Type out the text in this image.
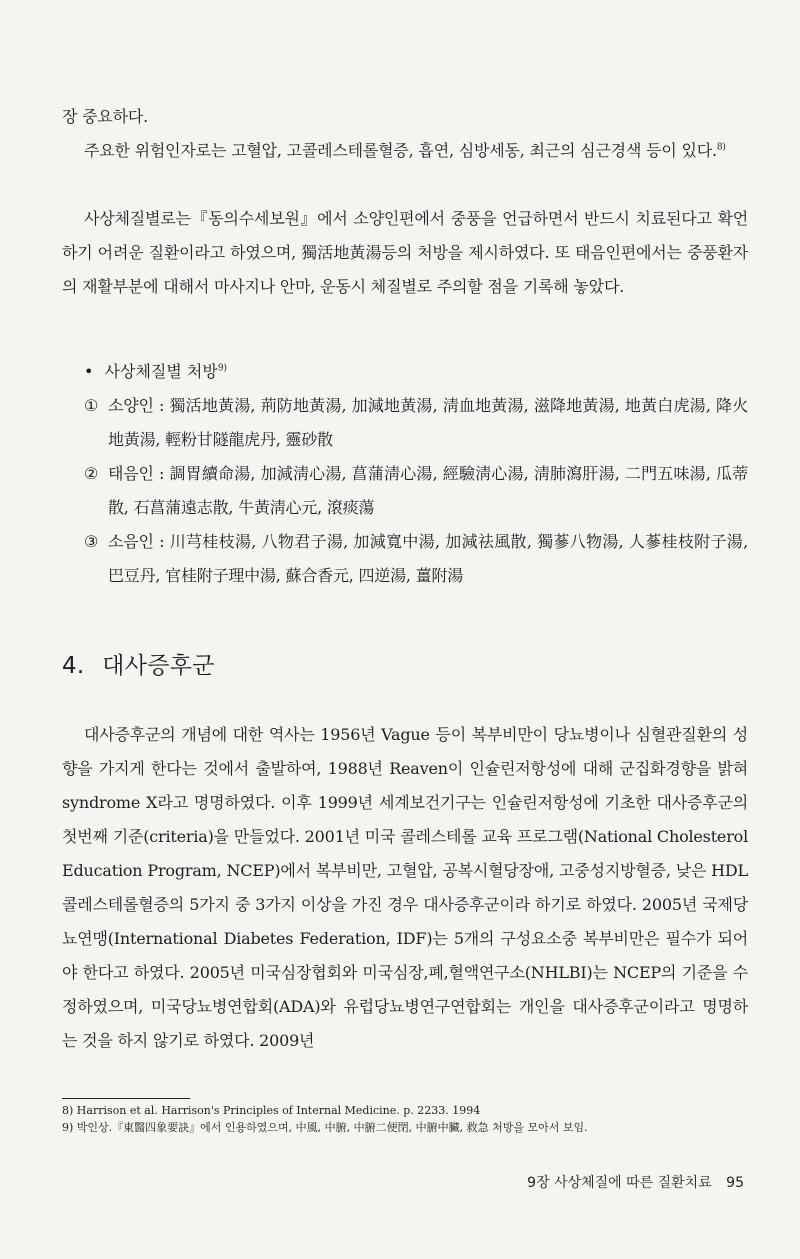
장 중요하다.

주요한 위험인자로는 고혈압, 고콜레스테롤혈증, 흡연, 심방세동, 최근의 심근경색 등이 있다.$^{8)}$

사상체질별로는『동의수세보원』에서 소양인편에서 중풍을 언급하면서 반드시 치료된다고 확언하기 어려운 질환이라고 하였으며, 獨活地黃湯등의 처방을 제시하였다. 또 태음인편에서는 중풍환자의 재활부분에 대해서 마사지나 안마, 운동시 체질별로 주의할 점을 기록해 놓았다.

• 사상체질별 처방$^{9)}$
① 소양인 : 獨活地黃湯, 荊防地黃湯, 加減地黃湯, 淸血地黃湯, 滋降地黃湯, 地黃白虎湯, 降火地黃湯, 輕粉甘隧龍虎丹, 靈砂散
② 태음인 : 調胃續命湯, 加減淸心湯, 菖蒲淸心湯, 經驗淸心湯, 淸肺瀉肝湯, 二門五味湯, 瓜蒂散, 石菖蒲遠志散, 牛黃淸心元, 滾痰蕩
③ 소음인 : 川芎桂枝湯, 八物君子湯, 加減寬中湯, 加減祛風散, 獨蔘八物湯, 人蔘桂枝附子湯, 巴豆丹, 官桂附子理中湯, 蘇合香元, 四逆湯, 薑附湯
4. 대사증후군

대사증후군의 개념에 대한 역사는 1956년 Vague 등이 복부비만이 당뇨병이나 심혈관질환의 성향을 가지게 한다는 것에서 출발하여, 1988년 Reaven이 인슐린저항성에 대해 군집화경향을 밝혀 syndrome X라고 명명하였다. 이후 1999년 세계보건기구는 인슐린저항성에 기초한 대사증후군의 첫번째 기준(criteria)을 만들었다. 2001년 미국 콜레스테롤 교육 프로그램(National Cholesterol Education Program, NCEP)에서 복부비만, 고혈압, 공복시혈당장애, 고중성지방혈증, 낮은 HDL콜레스테롤혈증의 5가지 중 3가지 이상을 가진 경우 대사증후군이라 하기로 하였다. 2005년 국제당뇨연맹(International Diabetes Federation, IDF)는 5개의 구성요소중 복부비만은 필수가 되어야 한다고 하였다. 2005년 미국심장협회와 미국심장,폐,혈액연구소(NHLBI)는 NCEP의 기준을 수정하였으며, 미국당뇨병연합회(ADA)와 유럽당뇨병연구연합회는 개인을 대사증후군이라고 명명하는 것을 하지 않기로 하였다. 2009년

8) Harrison et al. Harrison's Principles of Internal Medicine. p. 2233. 1994
9) 박인상.『東醫四象要訣』에서 인용하였으며, 中風, 中腑, 中腑二便閉, 中腑中臟, 救急 처방을 모아서 보임.
9장 사상체질에 따른 질환치료 95
